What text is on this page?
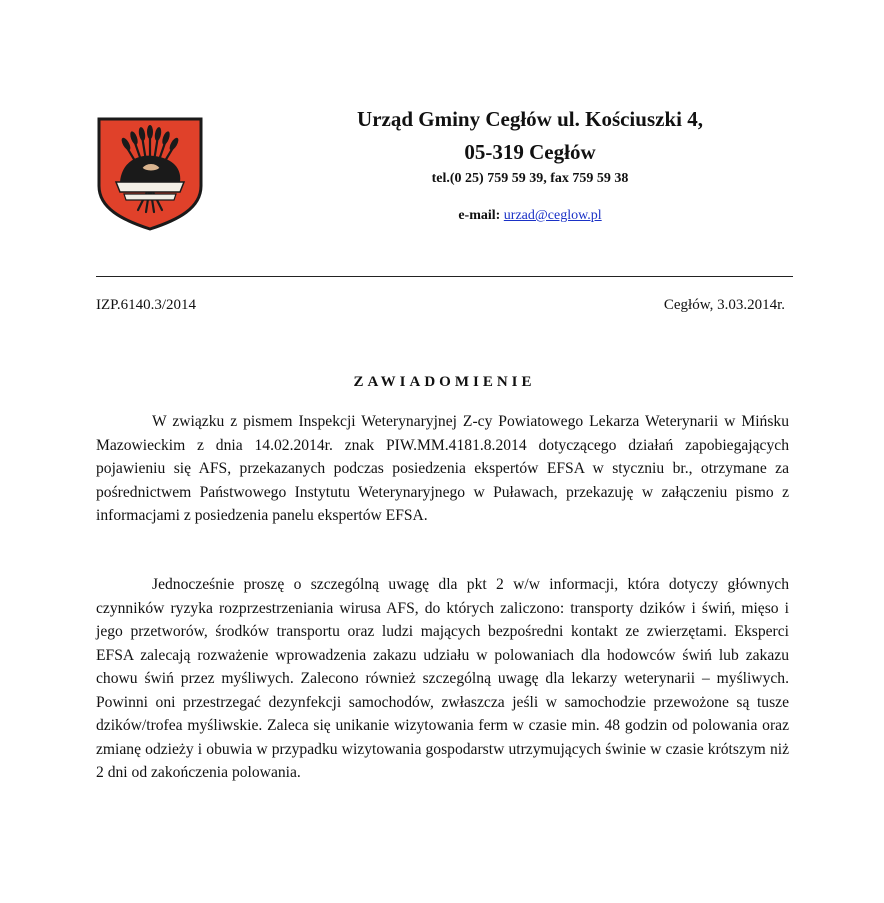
Urząd Gminy Cegłów ul. Kościuszki 4,
05-319 Cegłów
tel.(0 25) 759 59 39, fax 759 59 38
e-mail: urzad@ceglow.pl
IZP.6140.3/2014	Cegłów, 3.03.2014r.
ZAWIADOMIENIE

W związku z pismem Inspekcji Weterynaryjnej Z-cy Powiatowego Lekarza Weterynarii w Mińsku Mazowieckim z dnia 14.02.2014r. znak PIW.MM.4181.8.2014 dotyczącego działań zapobiegających pojawieniu się AFS, przekazanych podczas posiedzenia ekspertów EFSA w styczniu br., otrzymane za pośrednictwem Państwowego Instytutu Weterynaryjnego w Puławach, przekazuję w załączeniu pismo z informacjami z posiedzenia panelu ekspertów EFSA.

Jednocześnie proszę o szczególną uwagę dla pkt 2 w/w informacji, która dotyczy głównych czynników ryzyka rozprzestrzeniania wirusa AFS, do których zaliczono: transporty dzików i świń, mięso i jego przetworów, środków transportu oraz ludzi mających bezpośredni kontakt ze zwierzętami. Eksperci EFSA zalecają rozważenie wprowadzenia zakazu udziału w polowaniach dla hodowców świń lub zakazu chowu świń przez myśliwych. Zalecono również szczególną uwagę dla lekarzy weterynarii – myśliwych. Powinni oni przestrzegać dezynfekcji samochodów, zwłaszcza jeśli w samochodzie przewożone są tusze dzików/trofea myśliwskie. Zaleca się unikanie wizytowania ferm w czasie min. 48 godzin od polowania oraz zmianę odzieży i obuwia w przypadku wizytowania gospodarstw utrzymujących świnie w czasie krótszym niż 2 dni od zakończenia polowania.
